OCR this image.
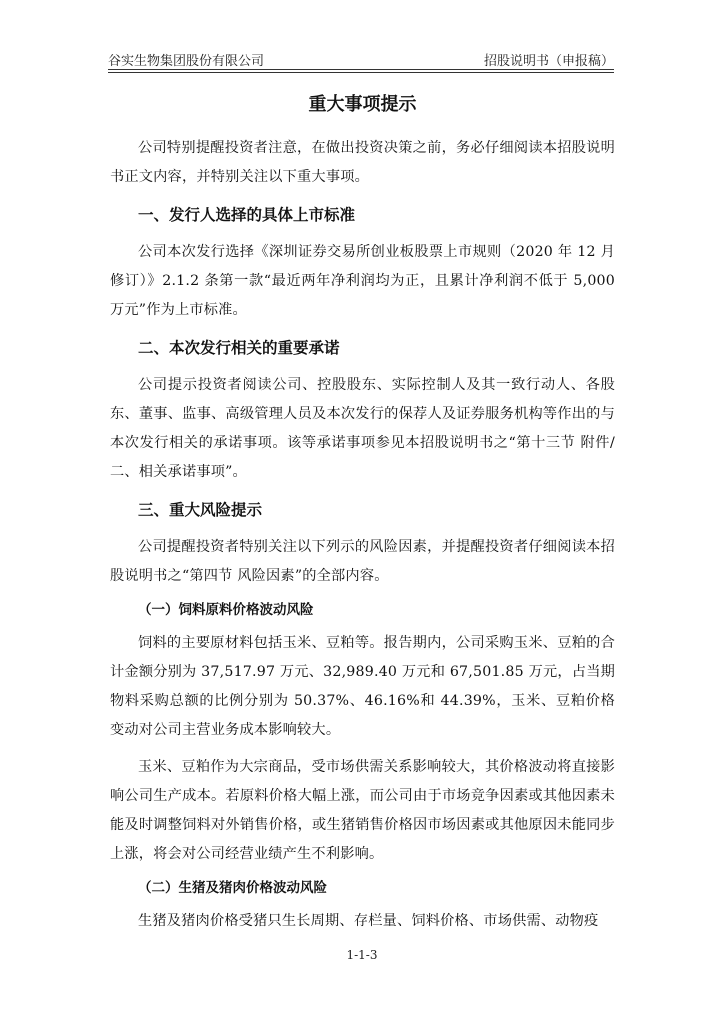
谷实生物集团股份有限公司	招股说明书（申报稿）
重大事项提示

公司特别提醒投资者注意，在做出投资决策之前，务必仔细阅读本招股说明书正文内容，并特别关注以下重大事项。

一、发行人选择的具体上市标准

公司本次发行选择《深圳证券交易所创业板股票上市规则（2020 年 12 月修订）》2.1.2 条第一款“最近两年净利润均为正，且累计净利润不低于 5,000 万元”作为上市标准。

二、本次发行相关的重要承诺

公司提示投资者阅读公司、控股股东、实际控制人及其一致行动人、各股东、董事、监事、高级管理人员及本次发行的保荐人及证券服务机构等作出的与本次发行相关的承诺事项。该等承诺事项参见本招股说明书之“第十三节 附件/二、相关承诺事项”。

三、重大风险提示

公司提醒投资者特别关注以下列示的风险因素，并提醒投资者仔细阅读本招股说明书之“第四节 风险因素”的全部内容。

（一）饲料原料价格波动风险

饲料的主要原材料包括玉米、豆粕等。报告期内，公司采购玉米、豆粕的合计金额分别为 37,517.97 万元、32,989.40 万元和 67,501.85 万元，占当期物料采购总额的比例分别为 50.37%、46.16%和 44.39%，玉米、豆粕价格变动对公司主营业务成本影响较大。

玉米、豆粕作为大宗商品，受市场供需关系影响较大，其价格波动将直接影响公司生产成本。若原料价格大幅上涨，而公司由于市场竞争因素或其他因素未能及时调整饲料对外销售价格，或生猪销售价格因市场因素或其他原因未能同步上涨，将会对公司经营业绩产生不利影响。

（二）生猪及猪肉价格波动风险

生猪及猪肉价格受猪只生长周期、存栏量、饲料价格、市场供需、动物疫

1-1-3
